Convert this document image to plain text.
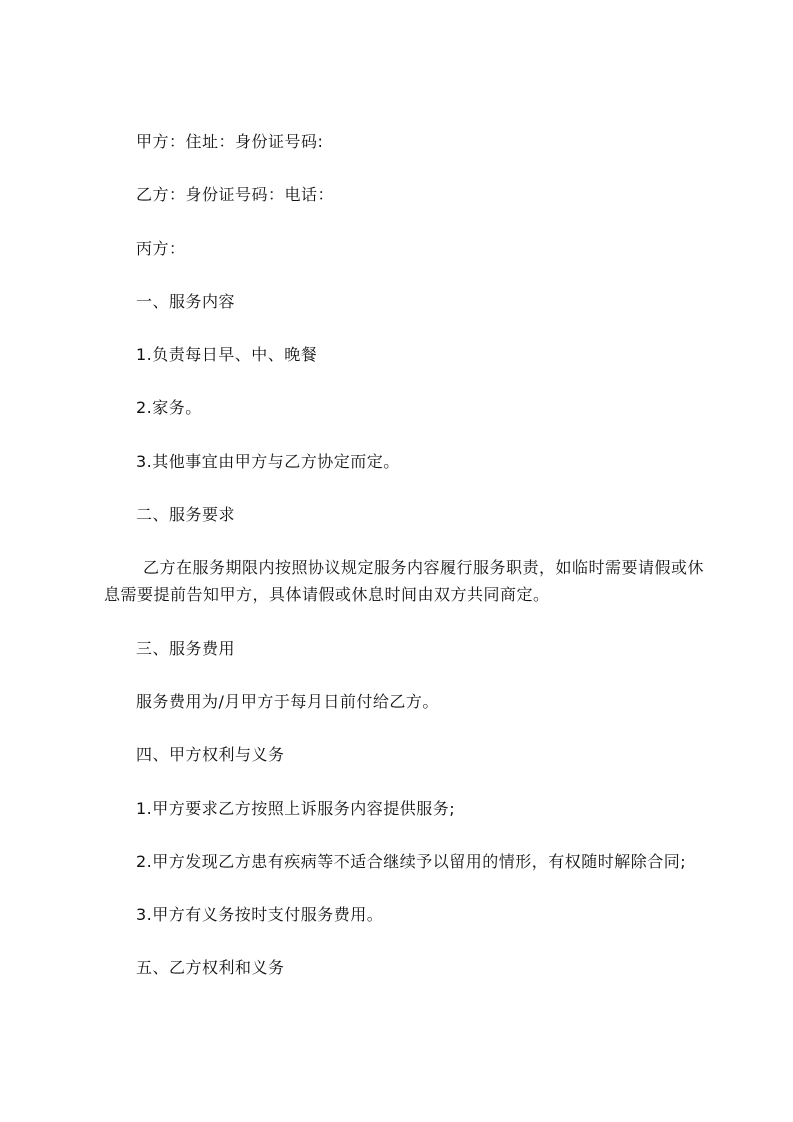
甲方：住址：身份证号码:

乙方：身份证号码：电话：

丙方：

一、服务内容

1.负责每日早、中、晚餐

2.家务。

3.其他事宜由甲方与乙方协定而定。

二、服务要求

乙方在服务期限内按照协议规定服务内容履行服务职责，如临时需要请假或休息需要提前告知甲方，具体请假或休息时间由双方共同商定。

三、服务费用

服务费用为/月甲方于每月日前付给乙方。

四、甲方权利与义务

1.甲方要求乙方按照上诉服务内容提供服务;

2.甲方发现乙方患有疾病等不适合继续予以留用的情形，有权随时解除合同;

3.甲方有义务按时支付服务费用。

五、乙方权利和义务
